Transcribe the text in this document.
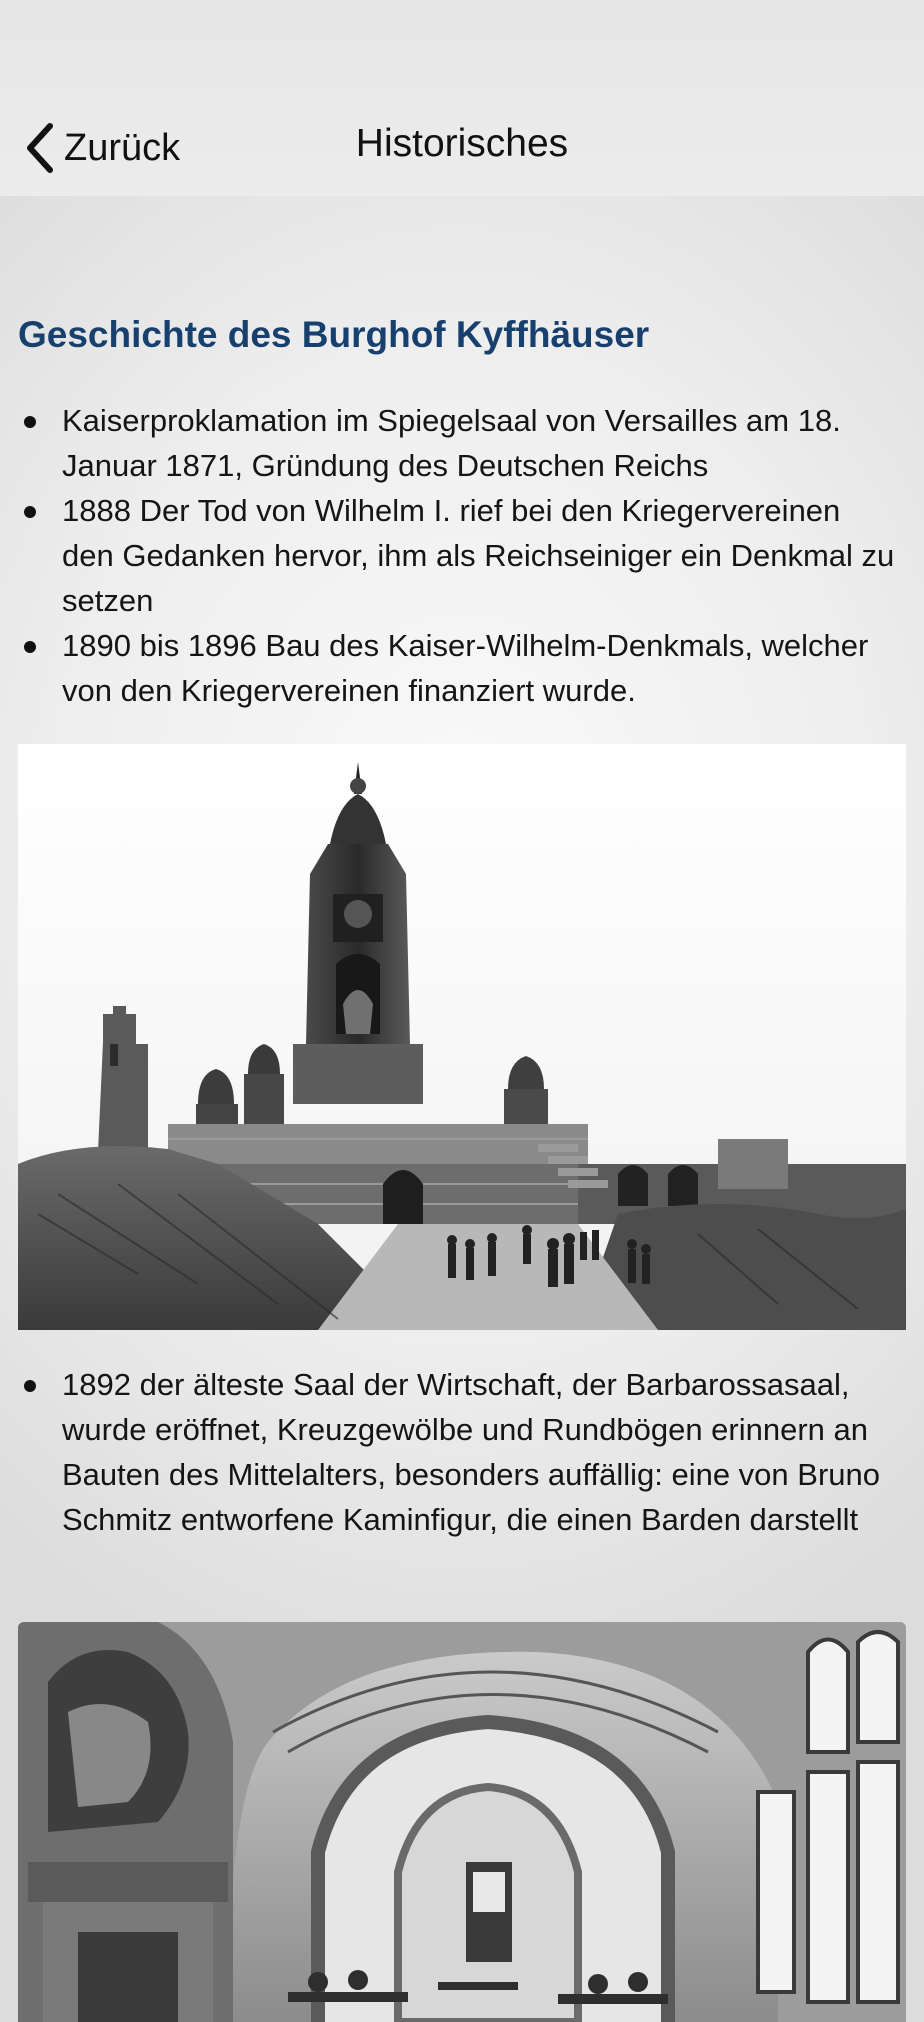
Zurück	Historisches
Geschichte des Burghof Kyffhäuser
Kaiserproklamation im Spiegelsaal von Versailles am 18. Januar 1871, Gründung des Deutschen Reichs
1888 Der Tod von Wilhelm I. rief bei den Kriegervereinen den Gedanken hervor, ihm als Reichseiniger ein Denkmal zu setzen
1890 bis 1896 Bau des Kaiser-Wilhelm-Denkmals, welcher von den Kriegervereinen finanziert wurde.
1892 der älteste Saal der Wirtschaft, der Barbarossasaal, wurde eröffnet, Kreuzgewölbe und Rundbögen erinnern an Bauten des Mittelalters, besonders auffällig: eine von Bruno Schmitz entworfene Kaminfigur, die einen Barden darstellt
